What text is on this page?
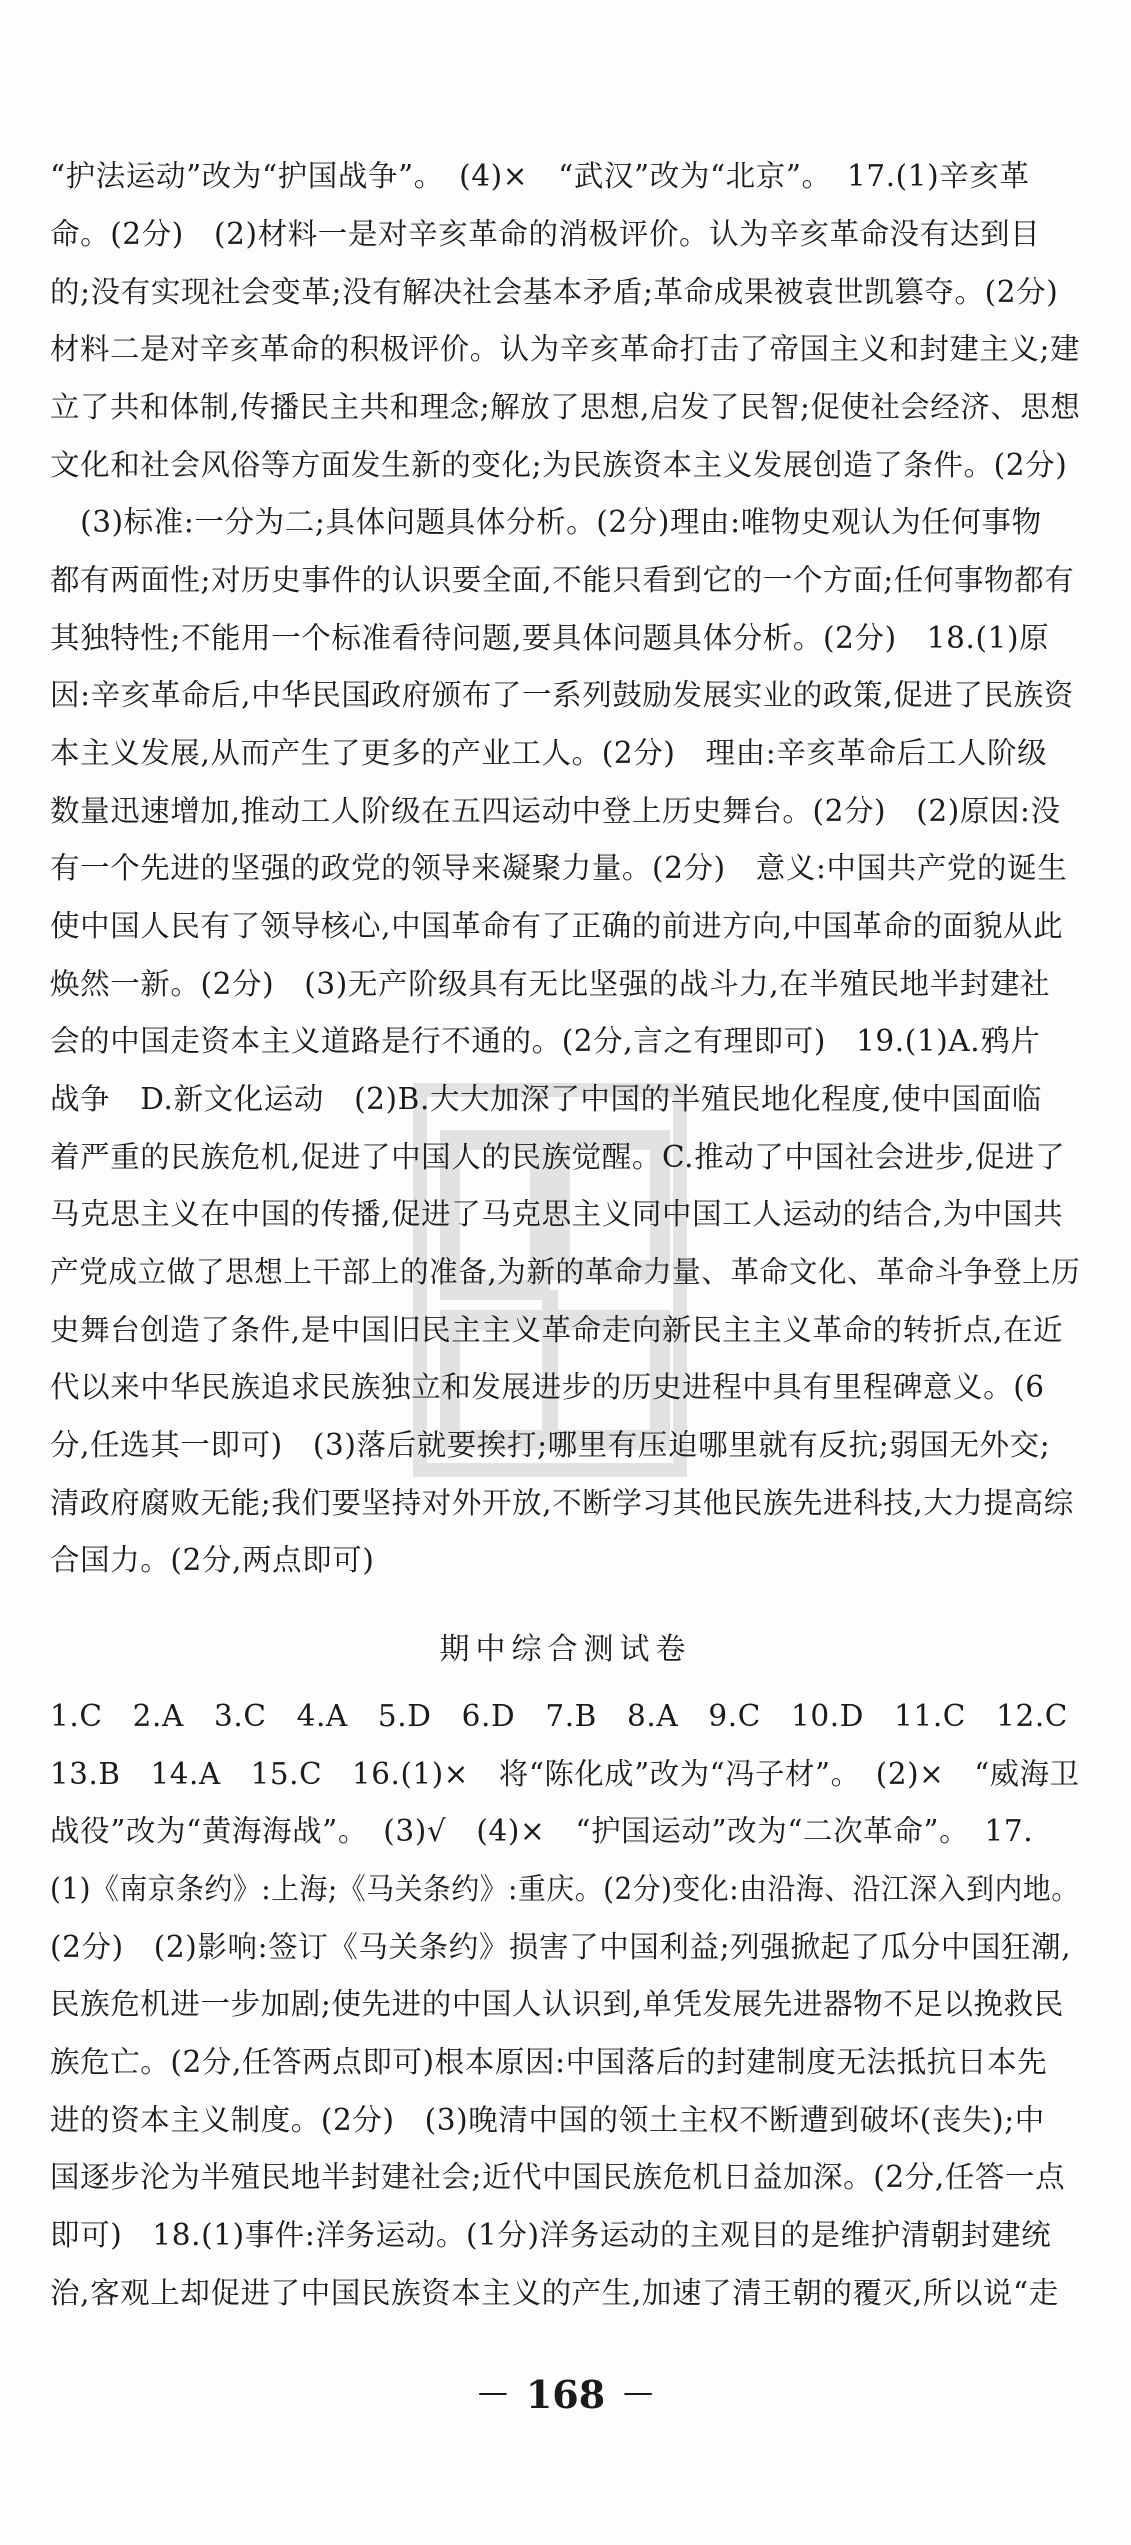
“护法运动”改为“护国战争”。　(4)×　“武汉”改为“北京”。　17.(1)辛亥革
命。(2分)　(2)材料一是对辛亥革命的消极评价。认为辛亥革命没有达到目
的;没有实现社会变革;没有解决社会基本矛盾;革命成果被袁世凯篡夺。(2分)
材料二是对辛亥革命的积极评价。认为辛亥革命打击了帝国主义和封建主义;建
立了共和体制,传播民主共和理念;解放了思想,启发了民智;促使社会经济、思想
文化和社会风俗等方面发生新的变化;为民族资本主义发展创造了条件。(2分)
　(3)标准:一分为二;具体问题具体分析。(2分)理由:唯物史观认为任何事物
都有两面性;对历史事件的认识要全面,不能只看到它的一个方面;任何事物都有
其独特性;不能用一个标准看待问题,要具体问题具体分析。(2分)　18.(1)原
因:辛亥革命后,中华民国政府颁布了一系列鼓励发展实业的政策,促进了民族资
本主义发展,从而产生了更多的产业工人。(2分)　理由:辛亥革命后工人阶级
数量迅速增加,推动工人阶级在五四运动中登上历史舞台。(2分)　(2)原因:没
有一个先进的坚强的政党的领导来凝聚力量。(2分)　意义:中国共产党的诞生
使中国人民有了领导核心,中国革命有了正确的前进方向,中国革命的面貌从此
焕然一新。(2分)　(3)无产阶级具有无比坚强的战斗力,在半殖民地半封建社
会的中国走资本主义道路是行不通的。(2分,言之有理即可)　19.(1)A.鸦片
战争　D.新文化运动　(2)B.大大加深了中国的半殖民地化程度,使中国面临
着严重的民族危机,促进了中国人的民族觉醒。C.推动了中国社会进步,促进了
马克思主义在中国的传播,促进了马克思主义同中国工人运动的结合,为中国共
产党成立做了思想上干部上的准备,为新的革命力量、革命文化、革命斗争登上历
史舞台创造了条件,是中国旧民主主义革命走向新民主主义革命的转折点,在近
代以来中华民族追求民族独立和发展进步的历史进程中具有里程碑意义。(6
分,任选其一即可)　(3)落后就要挨打;哪里有压迫哪里就有反抗;弱国无外交;
清政府腐败无能;我们要坚持对外开放,不断学习其他民族先进科技,大力提高综
合国力。(2分,两点即可)
期中综合测试卷
1.C　2.A　3.C　4.A　5.D　6.D　7.B　8.A　9.C　10.D　11.C　12.C
13.B　14.A　15.C　16.(1)×　将“陈化成”改为“冯子材”。　(2)×　“威海卫
战役”改为“黄海海战”。　(3)√　(4)×　“护国运动”改为“二次革命”。　17.
(1)《南京条约》:上海;《马关条约》:重庆。(2分)变化:由沿海、沿江深入到内地。
(2分)　(2)影响:签订《马关条约》损害了中国利益;列强掀起了瓜分中国狂潮,
民族危机进一步加剧;使先进的中国人认识到,单凭发展先进器物不足以挽救民
族危亡。(2分,任答两点即可)根本原因:中国落后的封建制度无法抵抗日本先
进的资本主义制度。(2分)　(3)晚清中国的领土主权不断遭到破坏(丧失);中
国逐步沦为半殖民地半封建社会;近代中国民族危机日益加深。(2分,任答一点
即可)　18.(1)事件:洋务运动。(1分)洋务运动的主观目的是维护清朝封建统
治,客观上却促进了中国民族资本主义的产生,加速了清王朝的覆灭,所以说“走
— 168 —
